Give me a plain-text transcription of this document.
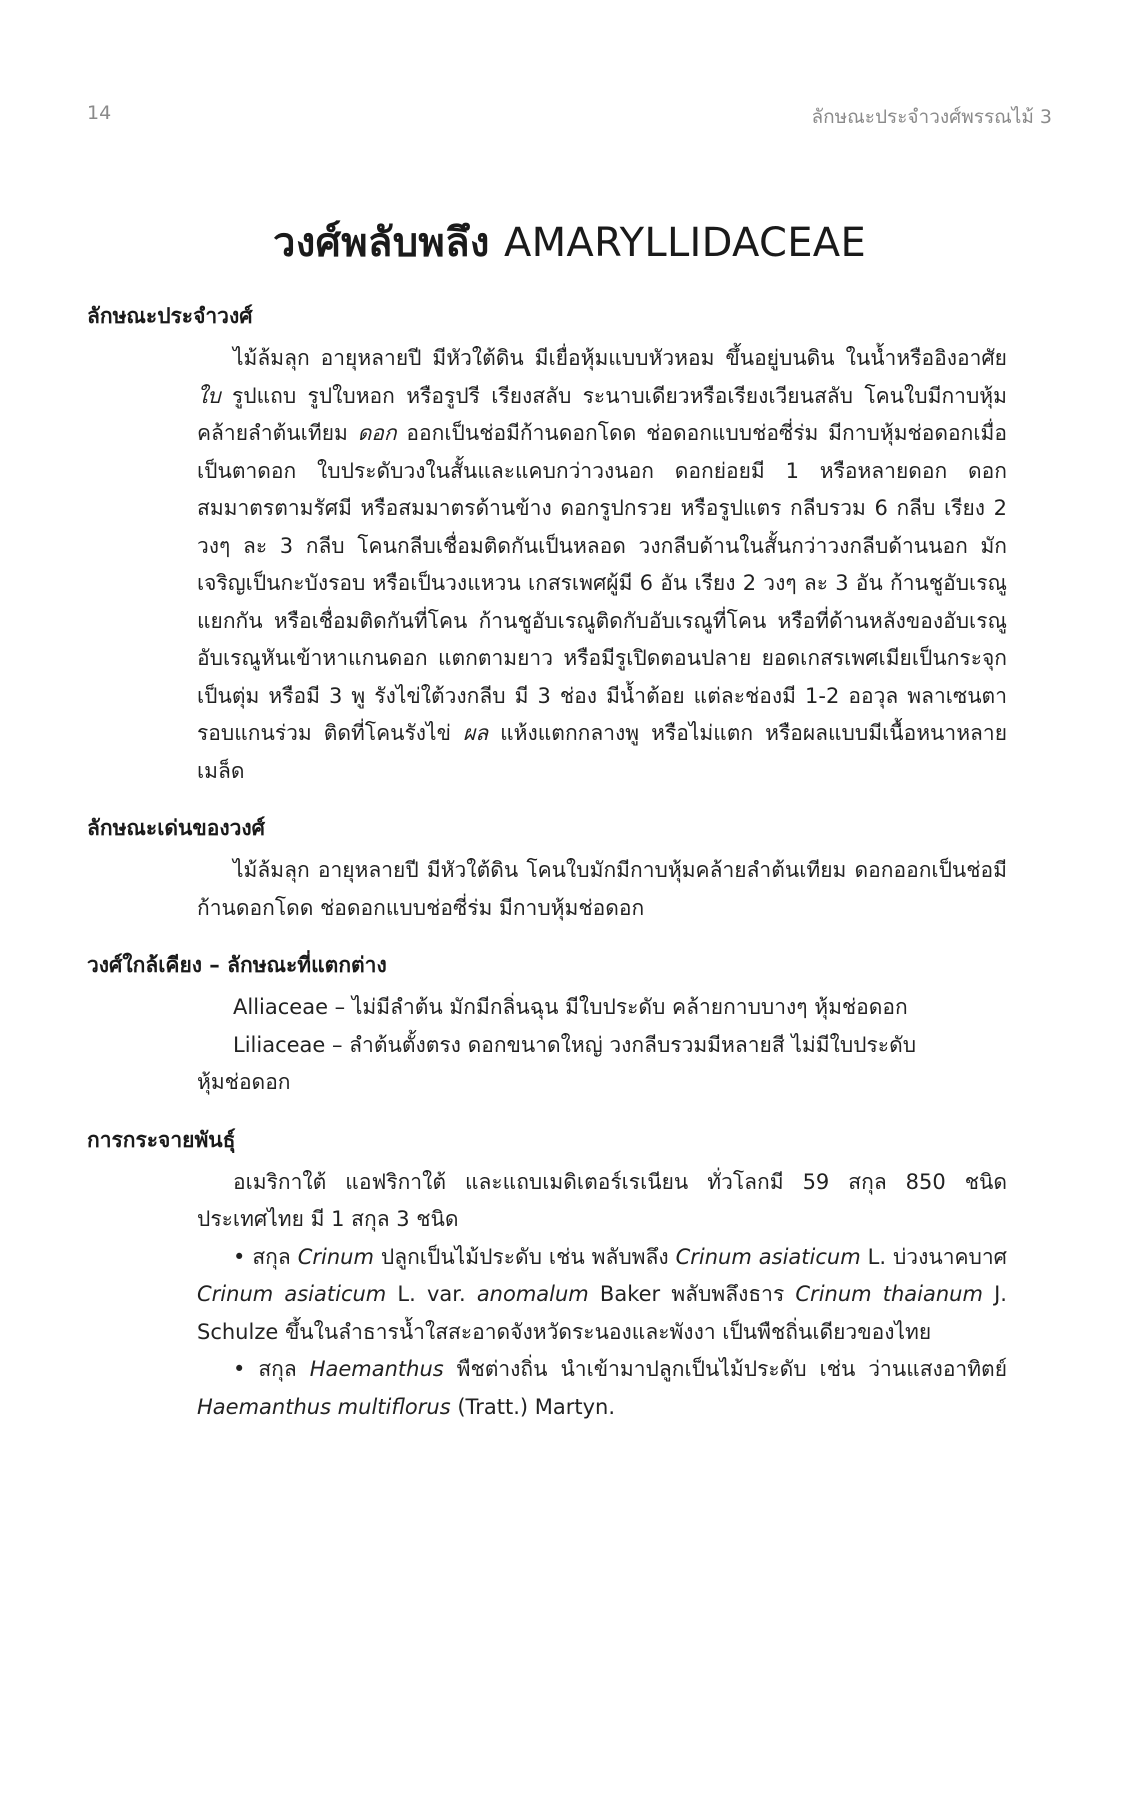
14	ลักษณะประจำวงศ์พรรณไม้ 3
วงศ์พลับพลึง AMARYLLIDACEAE
ลักษณะประจำวงศ์

ไม้ล้มลุก อายุหลายปี มีหัวใต้ดิน มีเยื่อหุ้มแบบหัวหอม ขึ้นอยู่บนดิน ในน้ำหรืออิงอาศัย ใบ รูปแถบ รูปใบหอก หรือรูปรี เรียงสลับ ระนาบเดียวหรือเรียงเวียนสลับ โคนใบมีกาบหุ้มคล้ายลำต้นเทียม ดอก ออกเป็นช่อมีก้านดอกโดด ช่อดอกแบบช่อซี่ร่ม มีกาบหุ้มช่อดอกเมื่อเป็นตาดอก ใบประดับวงในสั้นและแคบกว่าวงนอก ดอกย่อยมี 1 หรือหลายดอก ดอกสมมาตรตามรัศมี หรือสมมาตรด้านข้าง ดอกรูปกรวย หรือรูปแตร กลีบรวม 6 กลีบ เรียง 2 วงๆ ละ 3 กลีบ โคนกลีบเชื่อมติดกันเป็นหลอด วงกลีบด้านในสั้นกว่าวงกลีบด้านนอก มักเจริญเป็นกะบังรอบ หรือเป็นวงแหวน เกสรเพศผู้มี 6 อัน เรียง 2 วงๆ ละ 3 อัน ก้านชูอับเรณูแยกกัน หรือเชื่อมติดกันที่โคน ก้านชูอับเรณูติดกับอับเรณูที่โคน หรือที่ด้านหลังของอับเรณู อับเรณูหันเข้าหาแกนดอก แตกตามยาว หรือมีรูเปิดตอนปลาย ยอดเกสรเพศเมียเป็นกระจุก เป็นตุ่ม หรือมี 3 พู รังไข่ใต้วงกลีบ มี 3 ช่อง มีน้ำต้อย แต่ละช่องมี 1-2 ออวุล พลาเซนตารอบแกนร่วม ติดที่โคนรังไข่ ผล แห้งแตกกลางพู หรือไม่แตก หรือผลแบบมีเนื้อหนาหลายเมล็ด

ลักษณะเด่นของวงศ์

ไม้ล้มลุก อายุหลายปี มีหัวใต้ดิน โคนใบมักมีกาบหุ้มคล้ายลำต้นเทียม ดอกออกเป็นช่อมีก้านดอกโดด ช่อดอกแบบช่อซี่ร่ม มีกาบหุ้มช่อดอก

วงศ์ใกล้เคียง – ลักษณะที่แตกต่าง
Alliaceae – ไม่มีลำต้น มักมีกลิ่นฉุน มีใบประดับ คล้ายกาบบางๆ หุ้มช่อดอก
Liliaceae – ลำต้นตั้งตรง ดอกขนาดใหญ่ วงกลีบรวมมีหลายสี ไม่มีใบประดับ
หุ้มช่อดอก
การกระจายพันธุ์

อเมริกาใต้ แอฟริกาใต้ และแถบเมดิเตอร์เรเนียน ทั่วโลกมี 59 สกุล 850 ชนิด ประเทศไทย มี 1 สกุล 3 ชนิด

• สกุล Crinum ปลูกเป็นไม้ประดับ เช่น พลับพลึง Crinum asiaticum L. บ่วงนาคบาศ Crinum asiaticum L. var. anomalum Baker พลับพลึงธาร Crinum thaianum J. Schulze ขึ้นในลำธารน้ำใสสะอาดจังหวัดระนองและพังงา เป็นพืชถิ่นเดียวของไทย

• สกุล Haemanthus พืชต่างถิ่น นำเข้ามาปลูกเป็นไม้ประดับ เช่น ว่านแสงอาทิตย์ Haemanthus multiflorus (Tratt.) Martyn.
